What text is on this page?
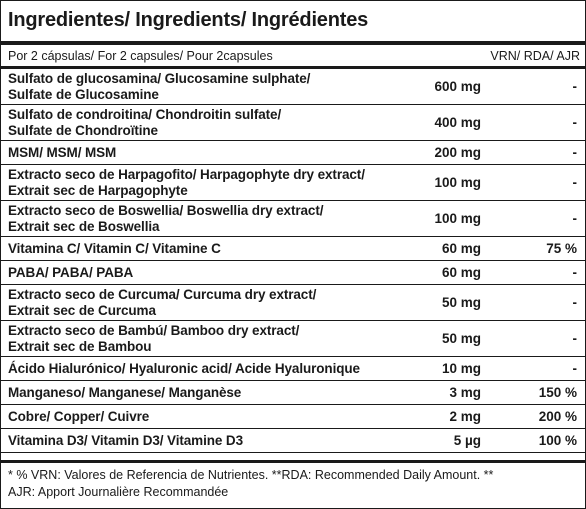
Ingredientes/ Ingredients/ Ingrédientes
Por 2 cápsulas/ For 2 capsules/ Pour 2capsules	VRN/ RDA/ AJR
Sulfato de glucosamina/ Glucosamine sulphate/
Sulfate de Glucosamine
600 mg	-
Sulfato de condroitina/ Chondroitin sulfate/
Sulfate de Chondroïtine
400 mg	-
MSM/ MSM/ MSM	200 mg	-
Extracto seco de Harpagofito/ Harpagophyte dry extract/
Extrait sec de Harpagophyte
100 mg	-
Extracto seco de Boswellia/ Boswellia dry extract/
Extrait sec de Boswellia
100 mg	-
Vitamina C/ Vitamin C/ Vitamine C	60 mg	75 %
PABA/ PABA/ PABA	60 mg	-
Extracto seco de Curcuma/ Curcuma dry extract/
Extrait sec de Curcuma
50 mg	-
Extracto seco de Bambú/ Bamboo dry extract/
Extrait sec de Bambou
50 mg	-
Ácido Hialurónico/ Hyaluronic acid/ Acide Hyaluronique	10 mg	-
Manganeso/ Manganese/ Manganèse	3 mg	150 %
Cobre/ Copper/ Cuivre	2 mg	200 %
Vitamina D3/ Vitamin D3/ Vitamine D3	5 µg	100 %
* % VRN: Valores de Referencia de Nutrientes. **RDA: Recommended Daily Amount. **
AJR: Apport Journalière Recommandée
